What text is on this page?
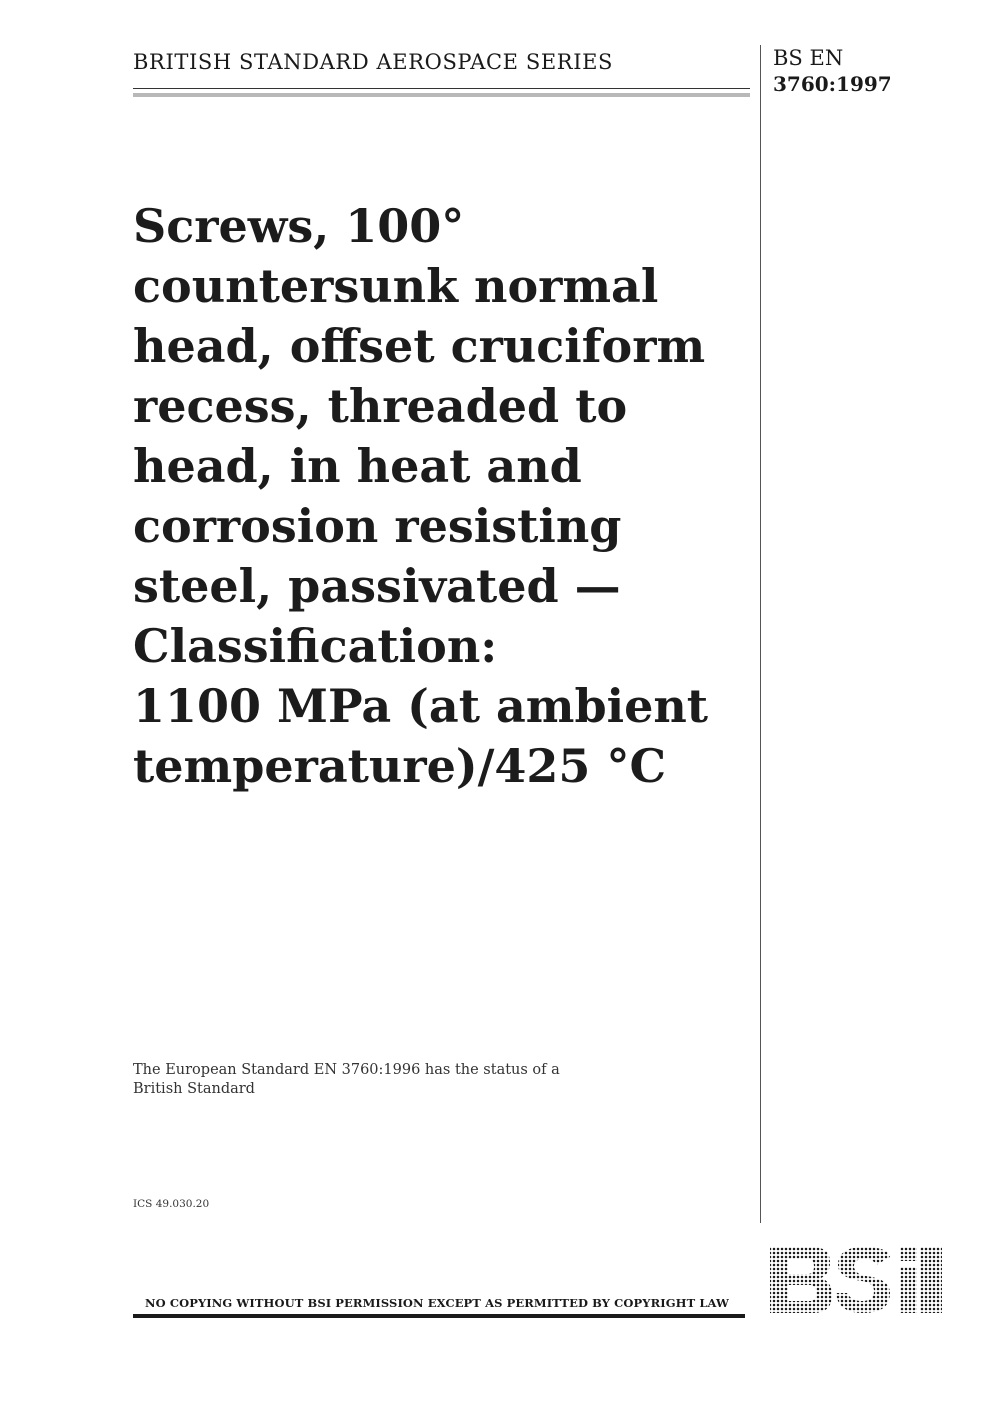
BRITISH STANDARD AEROSPACE SERIES	BS EN
3760:1997
Screws, 100°
countersunk normal
head, offset cruciform
recess, threaded to
head, in heat and
corrosion resisting
steel, passivated —
Classification:
1100 MPa (at ambient
temperature)/425 °C
The European Standard EN 3760:1996 has the status of a
British Standard
ICS 49.030.20
NO COPYING WITHOUT BSI PERMISSION EXCEPT AS PERMITTED BY COPYRIGHT LAW
BSi
